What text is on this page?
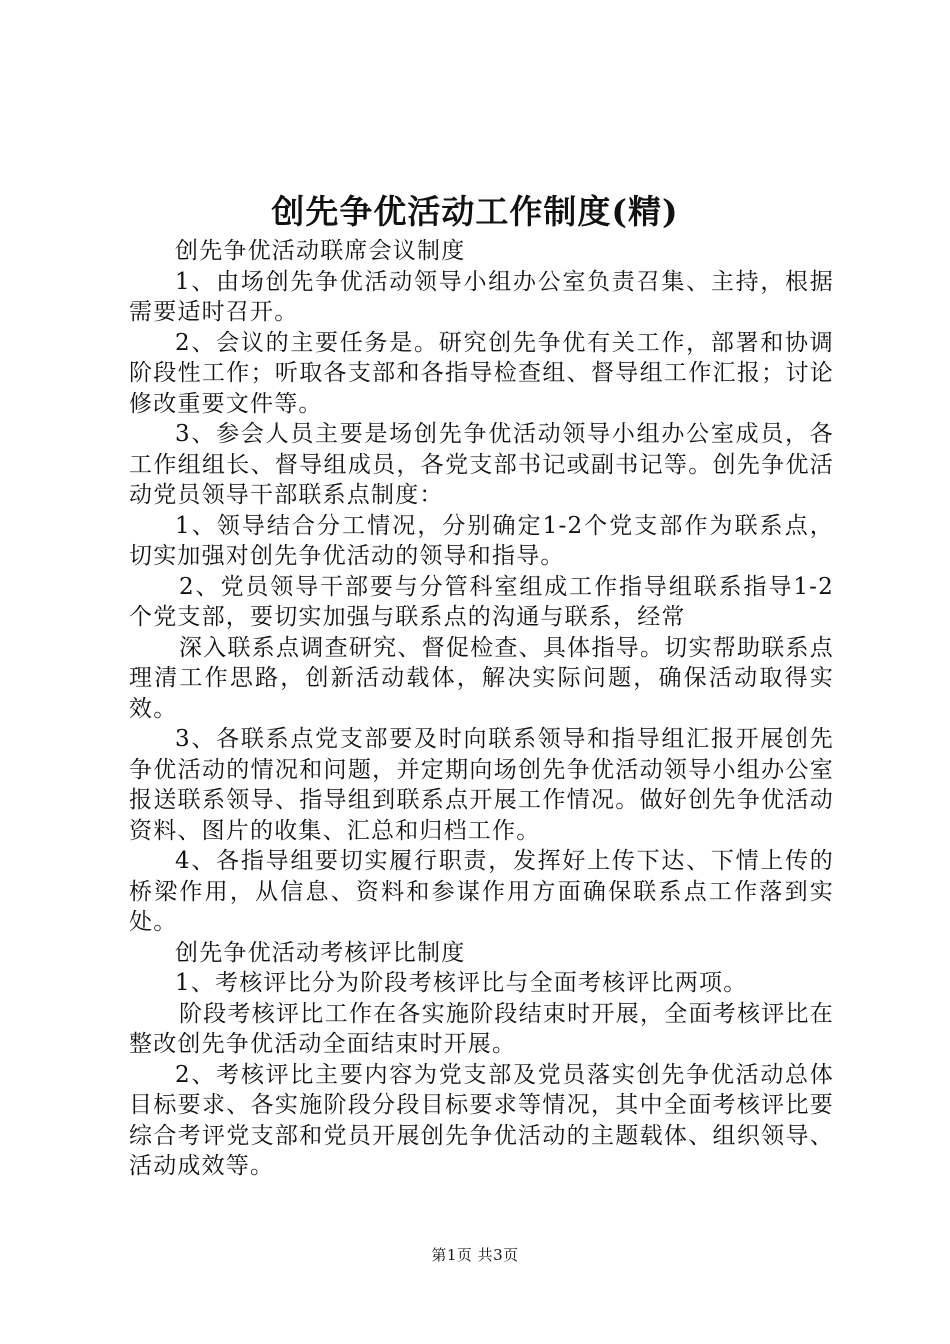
创先争优活动工作制度(精)

创先争优活动联席会议制度

1、由场创先争优活动领导小组办公室负责召集、主持，根据需要适时召开。

2、会议的主要任务是。研究创先争优有关工作，部署和协调阶段性工作；听取各支部和各指导检查组、督导组工作汇报；讨论修改重要文件等。

3、参会人员主要是场创先争优活动领导小组办公室成员，各工作组组长、督导组成员，各党支部书记或副书记等。创先争优活动党员领导干部联系点制度：

1、领导结合分工情况，分别确定1-2个党支部作为联系点，切实加强对创先争优活动的领导和指导。

2、党员领导干部要与分管科室组成工作指导组联系指导1-2个党支部，要切实加强与联系点的沟通与联系，经常

深入联系点调查研究、督促检查、具体指导。切实帮助联系点理清工作思路，创新活动载体，解决实际问题，确保活动取得实效。

3、各联系点党支部要及时向联系领导和指导组汇报开展创先争优活动的情况和问题，并定期向场创先争优活动领导小组办公室报送联系领导、指导组到联系点开展工作情况。做好创先争优活动资料、图片的收集、汇总和归档工作。

4、各指导组要切实履行职责，发挥好上传下达、下情上传的桥梁作用，从信息、资料和参谋作用方面确保联系点工作落到实处。

创先争优活动考核评比制度

1、考核评比分为阶段考核评比与全面考核评比两项。

阶段考核评比工作在各实施阶段结束时开展，全面考核评比在整改创先争优活动全面结束时开展。

2、考核评比主要内容为党支部及党员落实创先争优活动总体目标要求、各实施阶段分段目标要求等情况，其中全面考核评比要综合考评党支部和党员开展创先争优活动的主题载体、组织领导、活动成效等。

第1页 共3页
